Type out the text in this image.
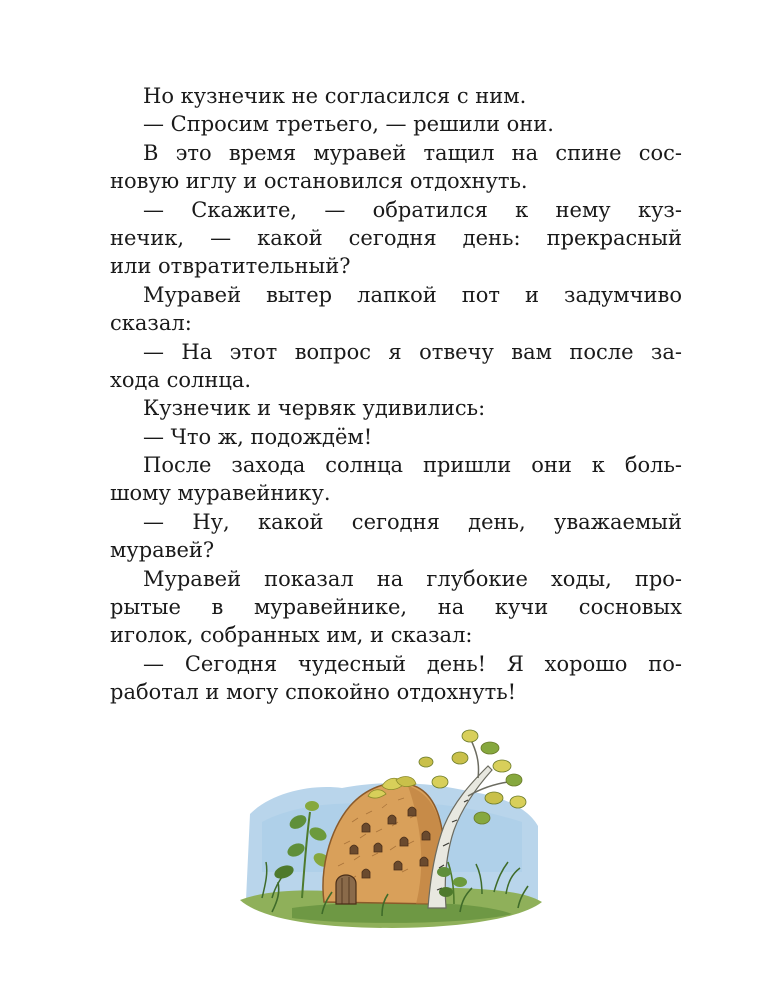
Но кузнечик не согласился с ним.
— Спросим третьего, — решили они.
В это время муравей тащил на спине сос-
новую иглу и остановился отдохнуть.
— Скажите, — обратился к нему куз-
нечик, — какой сегодня день: прекрасный
или отвратительный?
Муравей вытер лапкой пот и задумчиво
сказал:
— На этот вопрос я отвечу вам после за-
хода солнца.
Кузнечик и червяк удивились:
— Что ж, подождём!
После захода солнца пришли они к боль-
шому муравейнику.
— Ну, какой сегодня день, уважаемый
муравей?
Муравей показал на глубокие ходы, про-
рытые в муравейнике, на кучи сосновых
иголок, собранных им, и сказал:
— Сегодня чудесный день! Я хорошо по-
работал и могу спокойно отдохнуть!
